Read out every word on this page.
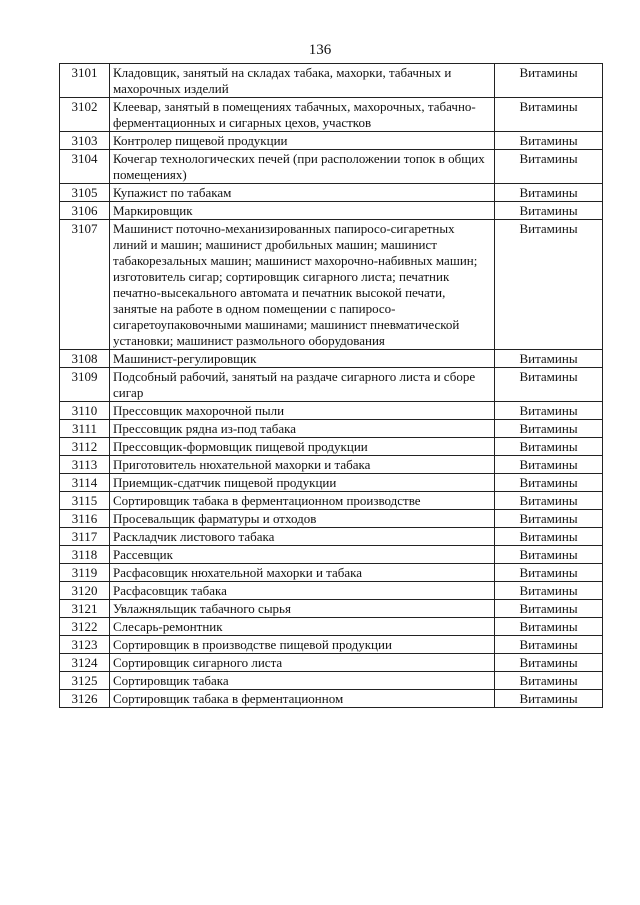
136
3101	Кладовщик, занятый на складах табака, махорки, табачных и махорочных изделий	Витамины
3102	Клеевар, занятый в помещениях табачных, махорочных, табачно-ферментационных и сигарных цехов, участков	Витамины
3103	Контролер пищевой продукции	Витамины
3104	Кочегар технологических печей (при расположении топок в общих помещениях)	Витамины
3105	Купажист по табакам	Витамины
3106	Маркировщик	Витамины
3107	Машинист поточно-механизированных папиросо-сигаретных линий и машин; машинист дробильных машин; машинист табакорезальных машин; машинист махорочно-набивных машин; изготовитель сигар; сортировщик сигарного листа; печатник печатно-высекального автомата и печатник высокой печати, занятые на работе в одном помещении с папиросо-сигаретоупаковочными машинами; машинист пневматической установки; машинист размольного оборудования	Витамины
3108	Машинист-регулировщик	Витамины
3109	Подсобный рабочий, занятый на раздаче сигарного листа и сборе сигар	Витамины
3110	Прессовщик махорочной пыли	Витамины
3111	Прессовщик рядна из-под табака	Витамины
3112	Прессовщик-формовщик пищевой продукции	Витамины
3113	Приготовитель нюхательной махорки и табака	Витамины
3114	Приемщик-сдатчик пищевой продукции	Витамины
3115	Сортировщик табака в ферментационном производстве	Витамины
3116	Просевальщик фарматуры и отходов	Витамины
3117	Раскладчик листового табака	Витамины
3118	Рассевщик	Витамины
3119	Расфасовщик нюхательной махорки и табака	Витамины
3120	Расфасовщик табака	Витамины
3121	Увлажняльщик табачного сырья	Витамины
3122	Слесарь-ремонтник	Витамины
3123	Сортировщик в производстве пищевой продукции	Витамины
3124	Сортировщик сигарного листа	Витамины
3125	Сортировщик табака	Витамины
3126	Сортировщик табака в ферментационном	Витамины
